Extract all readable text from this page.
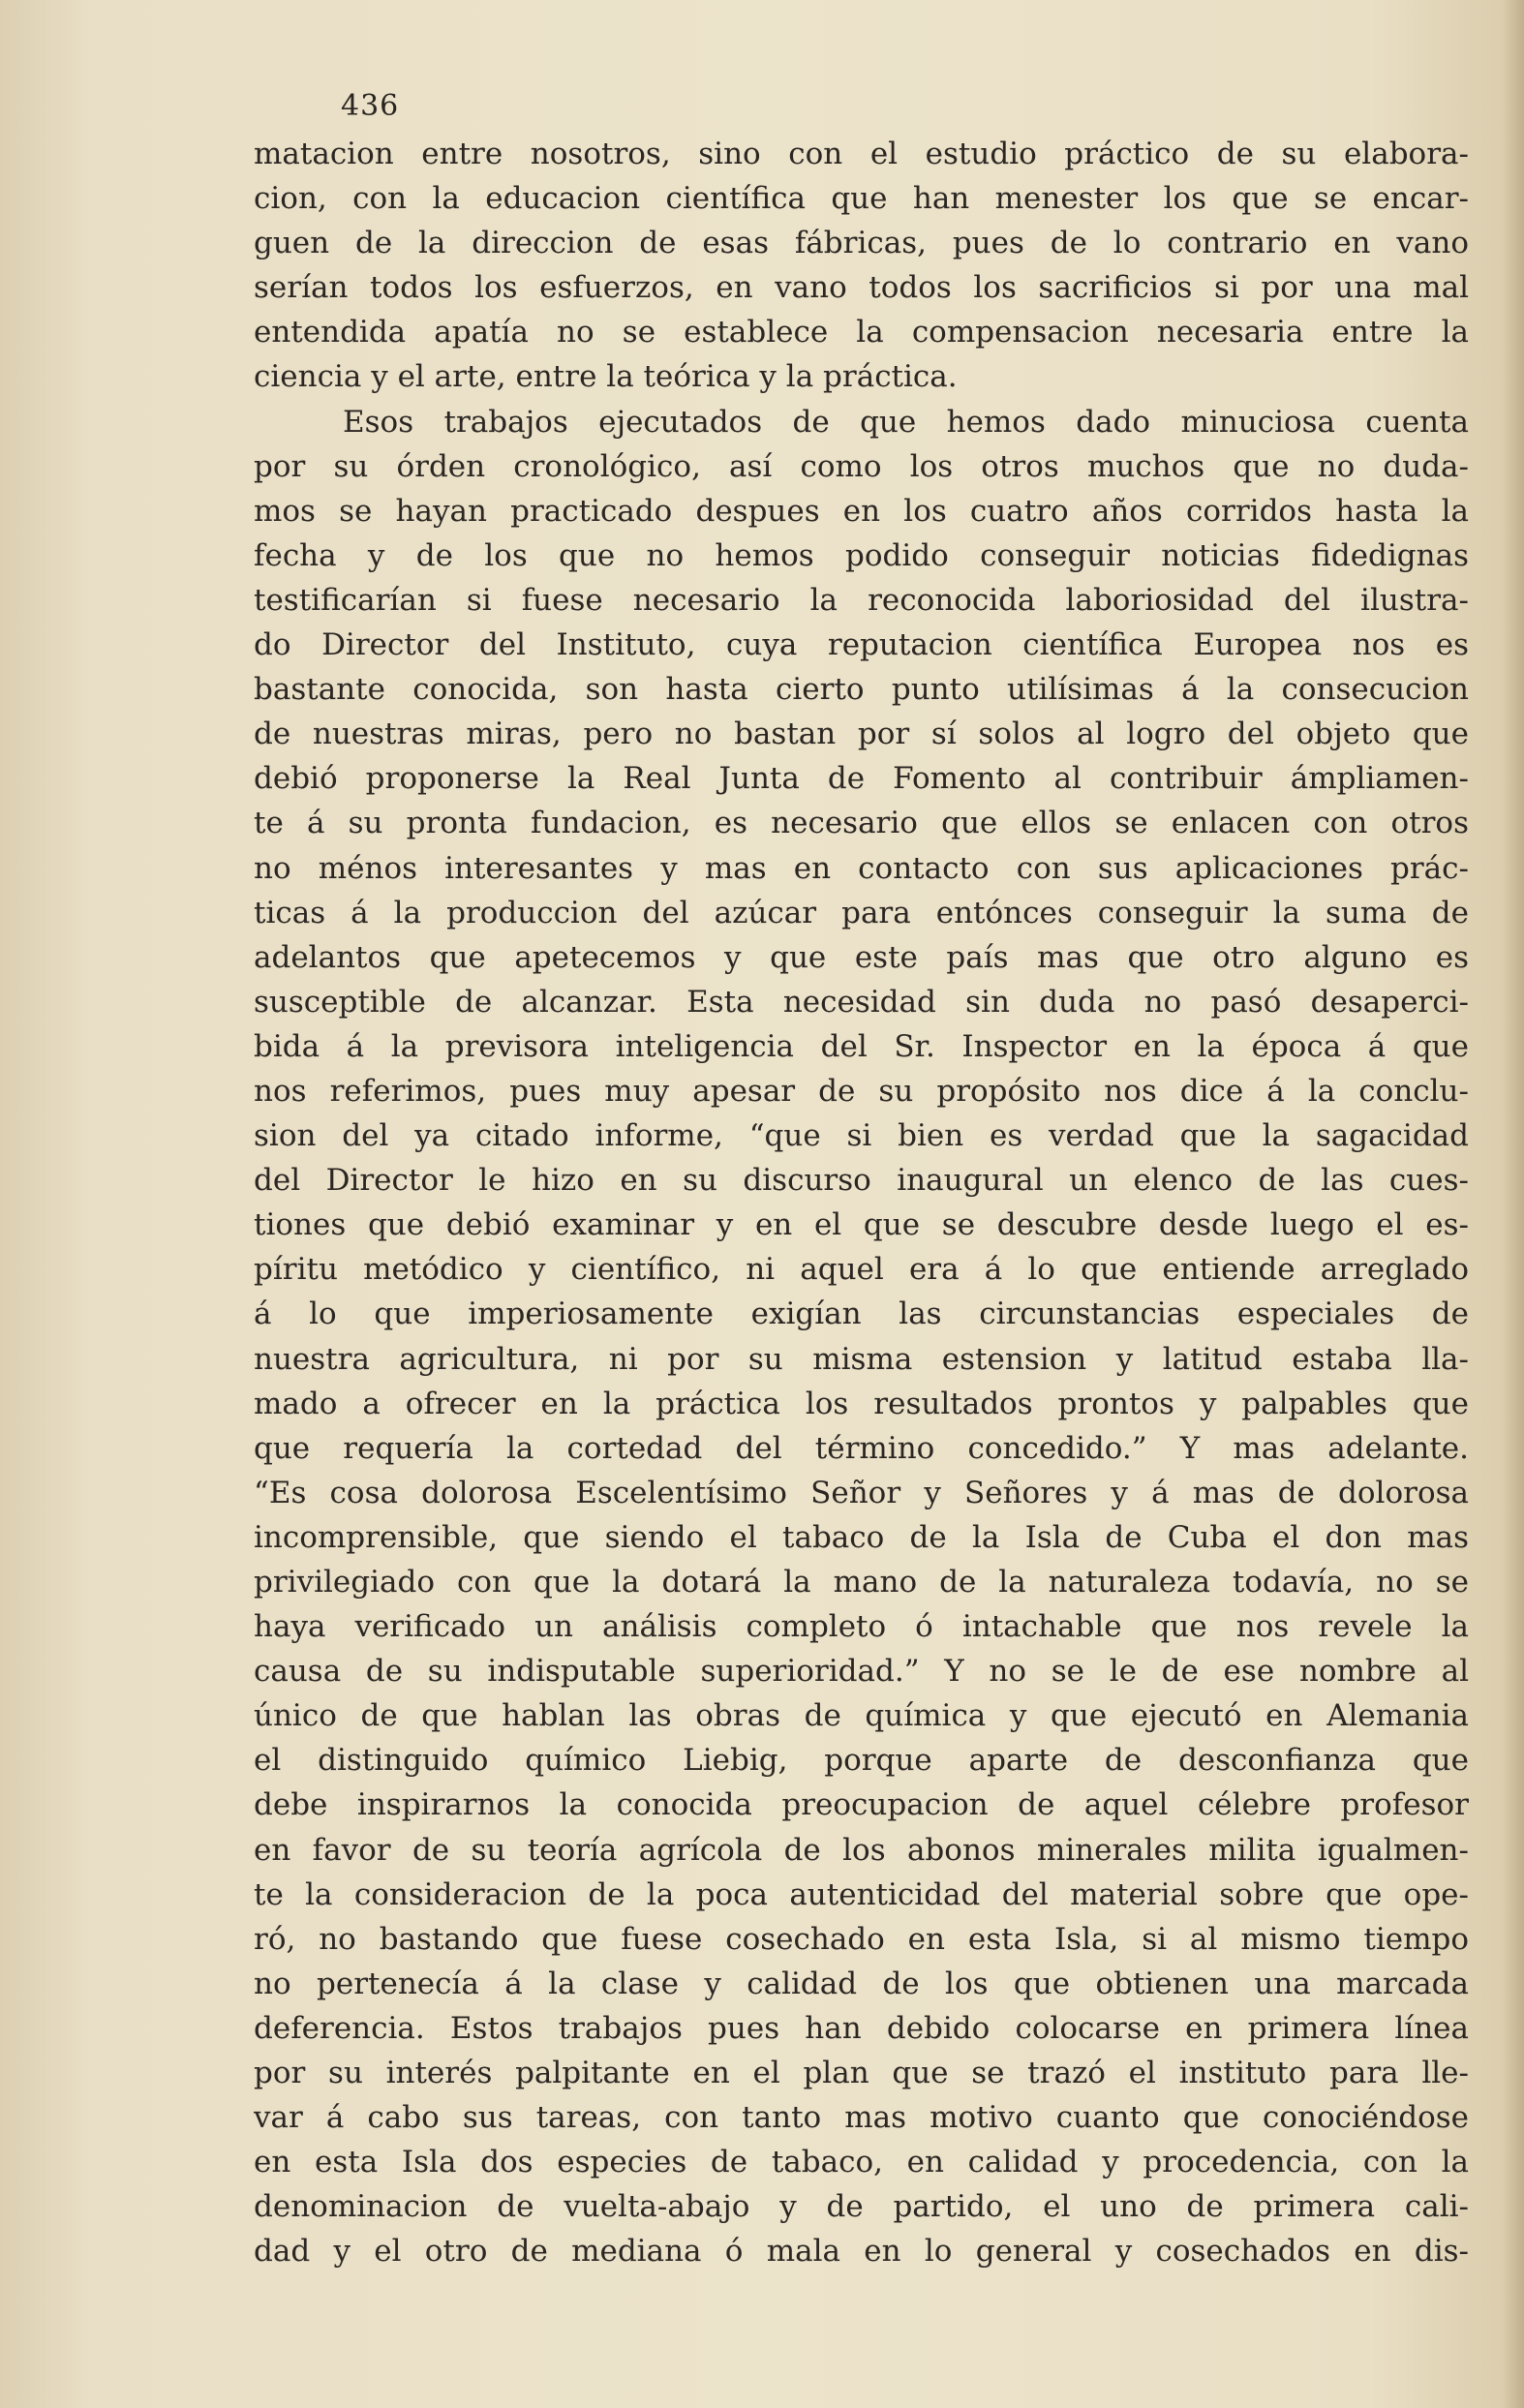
436
matacion entre nosotros, sino con el estudio práctico de su elabora-
cion, con la educacion científica que han menester los que se encar-
guen de la direccion de esas fábricas, pues de lo contrario en vano
serían todos los esfuerzos, en vano todos los sacrificios si por una mal
entendida apatía no se establece la compensacion necesaria entre la
ciencia y el arte, entre la teórica y la práctica.
Esos trabajos ejecutados de que hemos dado minuciosa cuenta
por su órden cronológico, así como los otros muchos que no duda-
mos se hayan practicado despues en los cuatro años corridos hasta la
fecha y de los que no hemos podido conseguir noticias fidedignas
testificarían si fuese necesario la reconocida laboriosidad del ilustra-
do Director del Instituto, cuya reputacion científica Europea nos es
bastante conocida, son hasta cierto punto utilísimas á la consecucion
de nuestras miras, pero no bastan por sí solos al logro del objeto que
debió proponerse la Real Junta de Fomento al contribuir ámpliamen-
te á su pronta fundacion, es necesario que ellos se enlacen con otros
no ménos interesantes y mas en contacto con sus aplicaciones prác-
ticas á la produccion del azúcar para entónces conseguir la suma de
adelantos que apetecemos y que este país mas que otro alguno es
susceptible de alcanzar. Esta necesidad sin duda no pasó desaperci-
bida á la previsora inteligencia del Sr. Inspector en la época á que
nos referimos, pues muy apesar de su propósito nos dice á la conclu-
sion del ya citado informe, “que si bien es verdad que la sagacidad
del Director le hizo en su discurso inaugural un elenco de las cues-
tiones que debió examinar y en el que se descubre desde luego el es-
píritu metódico y científico, ni aquel era á lo que entiende arreglado
á lo que imperiosamente exigían las circunstancias especiales de
nuestra agricultura, ni por su misma estension y latitud estaba lla-
mado a ofrecer en la práctica los resultados prontos y palpables que
que requería la cortedad del término concedido.” Y mas adelante.
“Es cosa dolorosa Escelentísimo Señor y Señores y á mas de dolorosa
incomprensible, que siendo el tabaco de la Isla de Cuba el don mas
privilegiado con que la dotará la mano de la naturaleza todavía, no se
haya verificado un análisis completo ó intachable que nos revele la
causa de su indisputable superioridad.” Y no se le de ese nombre al
único de que hablan las obras de química y que ejecutó en Alemania
el distinguido químico Liebig, porque aparte de desconfianza que
debe inspirarnos la conocida preocupacion de aquel célebre profesor
en favor de su teoría agrícola de los abonos minerales milita igualmen-
te la consideracion de la poca autenticidad del material sobre que ope-
ró, no bastando que fuese cosechado en esta Isla, si al mismo tiempo
no pertenecía á la clase y calidad de los que obtienen una marcada
deferencia. Estos trabajos pues han debido colocarse en primera línea
por su interés palpitante en el plan que se trazó el instituto para lle-
var á cabo sus tareas, con tanto mas motivo cuanto que conociéndose
en esta Isla dos especies de tabaco, en calidad y procedencia, con la
denominacion de vuelta-abajo y de partido, el uno de primera cali-
dad y el otro de mediana ó mala en lo general y cosechados en dis-
